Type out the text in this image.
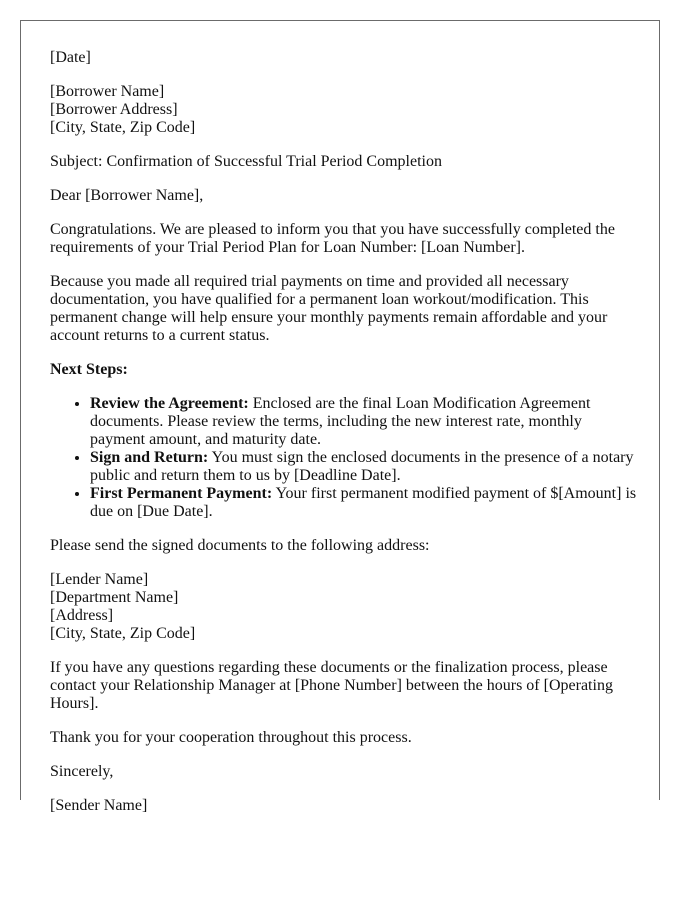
[Date]

[Borrower Name]
[Borrower Address]
[City, State, Zip Code]

Subject: Confirmation of Successful Trial Period Completion

Dear [Borrower Name],

Congratulations. We are pleased to inform you that you have successfully completed the requirements of your Trial Period Plan for Loan Number: [Loan Number].

Because you made all required trial payments on time and provided all necessary documentation, you have qualified for a permanent loan workout/modification. This permanent change will help ensure your monthly payments remain affordable and your account returns to a current status.

Next Steps:

• Review the Agreement: Enclosed are the final Loan Modification Agreement documents. Please review the terms, including the new interest rate, monthly payment amount, and maturity date.
• Sign and Return: You must sign the enclosed documents in the presence of a notary public and return them to us by [Deadline Date].
• First Permanent Payment: Your first permanent modified payment of $[Amount] is due on [Due Date].

Please send the signed documents to the following address:

[Lender Name]
[Department Name]
[Address]
[City, State, Zip Code]

If you have any questions regarding these documents or the finalization process, please contact your Relationship Manager at [Phone Number] between the hours of [Operating Hours].

Thank you for your cooperation throughout this process.

Sincerely,

[Sender Name]
